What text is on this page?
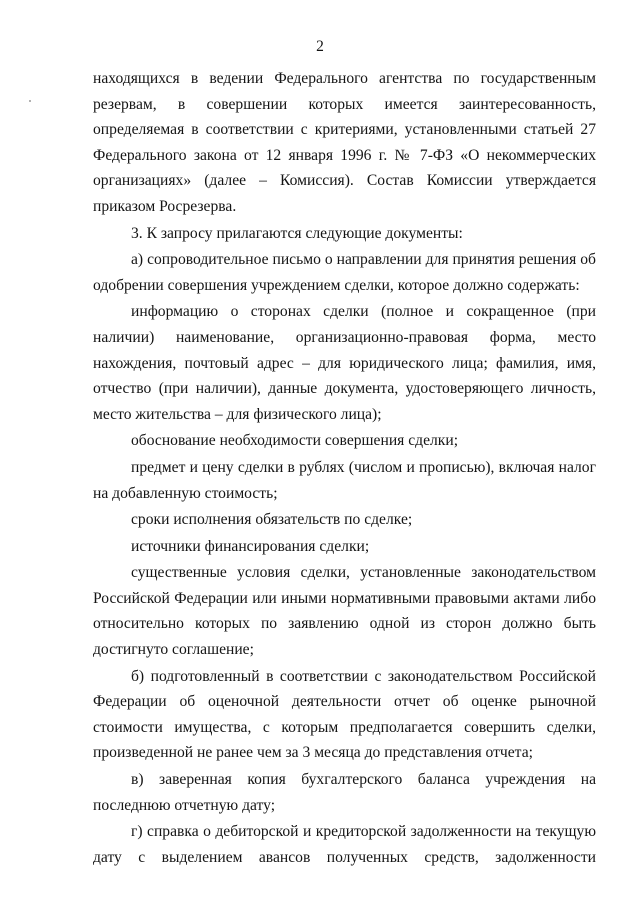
2

находящихся в ведении Федерального агентства по государственным резервам, в совершении которых имеется заинтересованность, определяемая в соответствии с критериями, установленными статьей 27 Федерального закона от 12 января 1996 г. № 7-ФЗ «О некоммерческих организациях» (далее – Комиссия). Состав Комиссии утверждается приказом Росрезерва.

3. К запросу прилагаются следующие документы:

а) сопроводительное письмо о направлении для принятия решения об одобрении совершения учреждением сделки, которое должно содержать:

информацию о сторонах сделки (полное и сокращенное (при наличии) наименование, организационно-правовая форма, место нахождения, почтовый адрес – для юридического лица; фамилия, имя, отчество (при наличии), данные документа, удостоверяющего личность, место жительства – для физического лица);

обоснование необходимости совершения сделки;

предмет и цену сделки в рублях (числом и прописью), включая налог на добавленную стоимость;

сроки исполнения обязательств по сделке;

источники финансирования сделки;

существенные условия сделки, установленные законодательством Российской Федерации или иными нормативными правовыми актами либо относительно которых по заявлению одной из сторон должно быть достигнуто соглашение;

б) подготовленный в соответствии с законодательством Российской Федерации об оценочной деятельности отчет об оценке рыночной стоимости имущества, с которым предполагается совершить сделки, произведенной не ранее чем за 3 месяца до представления отчета;

в) заверенная копия бухгалтерского баланса учреждения на последнюю отчетную дату;

г) справка о дебиторской и кредиторской задолженности на текущую дату с выделением авансов полученных средств, задолженности
